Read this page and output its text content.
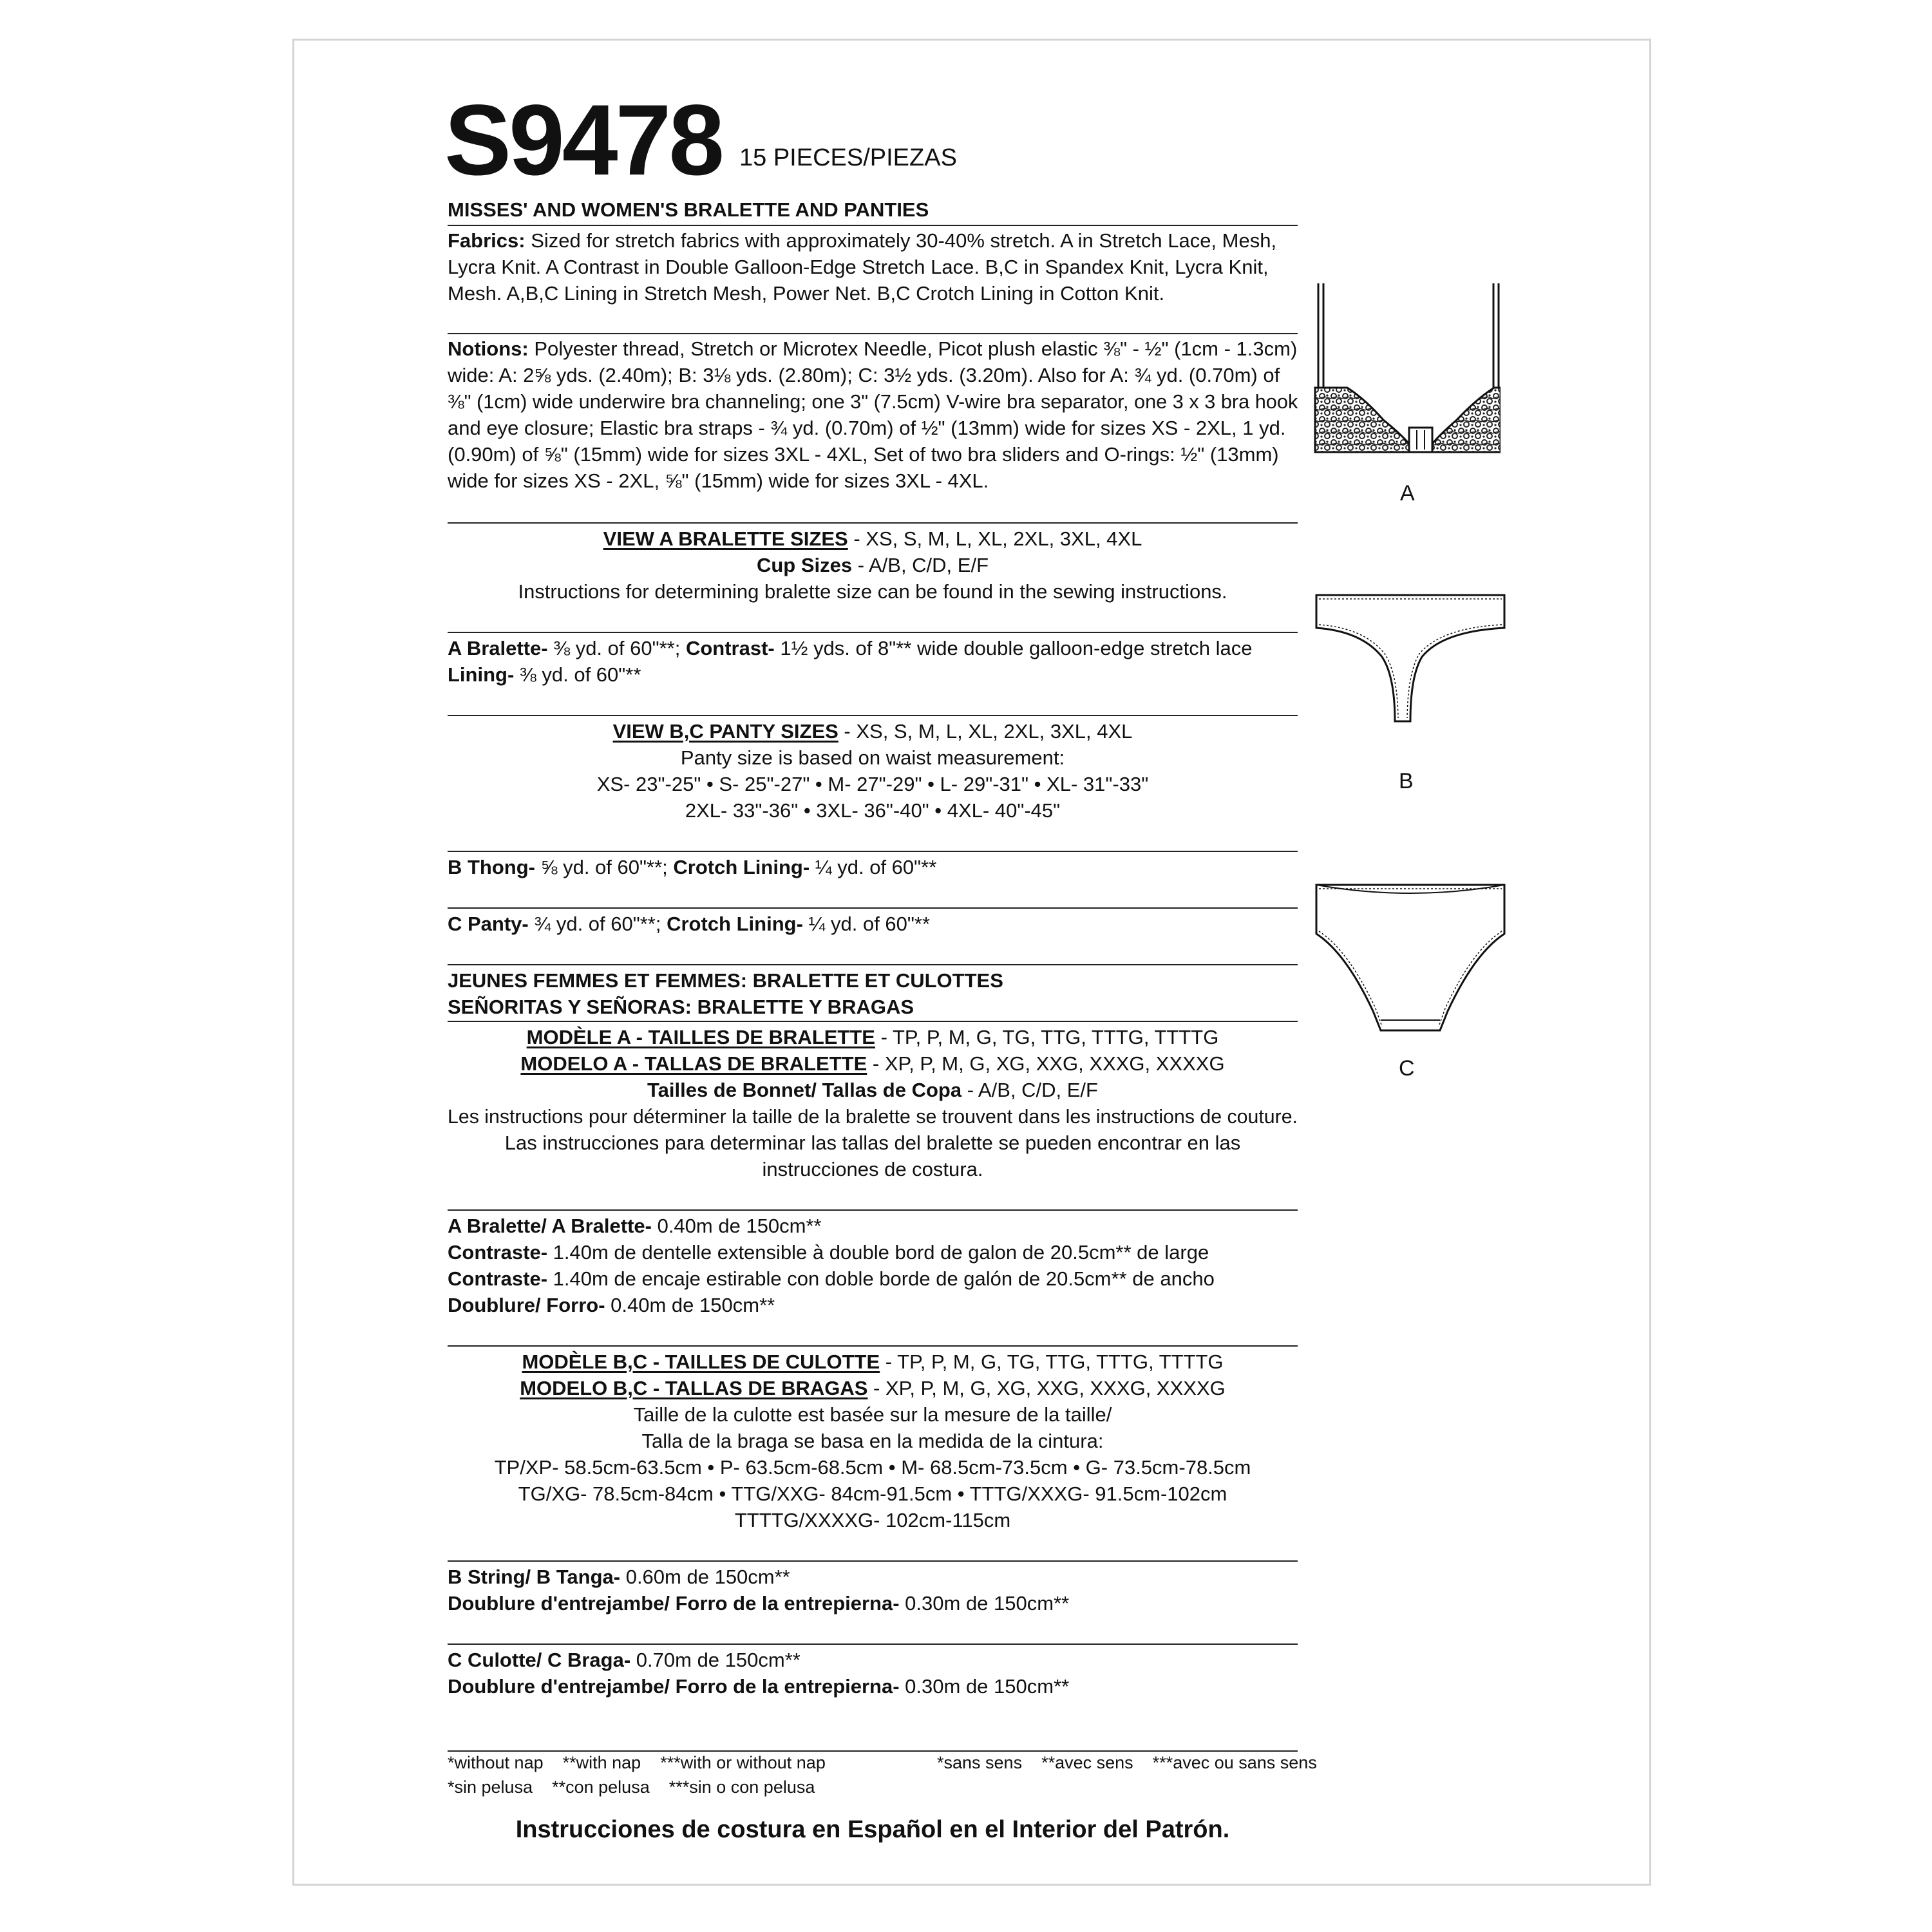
S9478 15 PIECES/PIEZAS
MISSES' AND WOMEN'S BRALETTE AND PANTIES
Fabrics: Sized for stretch fabrics with approximately 30-40% stretch. A in Stretch Lace, Mesh,
Lycra Knit. A Contrast in Double Galloon-Edge Stretch Lace. B,C in Spandex Knit, Lycra Knit,
Mesh. A,B,C Lining in Stretch Mesh, Power Net. B,C Crotch Lining in Cotton Knit.
Notions: Polyester thread, Stretch or Microtex Needle, Picot plush elastic ⅜" - ½" (1cm - 1.3cm)
wide: A: 2⅝ yds. (2.40m); B: 3⅛ yds. (2.80m); C: 3½ yds. (3.20m). Also for A: ¾ yd. (0.70m) of
⅜" (1cm) wide underwire bra channeling; one 3" (7.5cm) V-wire bra separator, one 3 x 3 bra hook
and eye closure; Elastic bra straps - ¾ yd. (0.70m) of ½" (13mm) wide for sizes XS - 2XL, 1 yd.
(0.90m) of ⅝" (15mm) wide for sizes 3XL - 4XL, Set of two bra sliders and O-rings: ½" (13mm)
wide for sizes XS - 2XL, ⅝" (15mm) wide for sizes 3XL - 4XL.
VIEW A BRALETTE SIZES - XS, S, M, L, XL, 2XL, 3XL, 4XL
Cup Sizes - A/B, C/D, E/F
Instructions for determining bralette size can be found in the sewing instructions.
A Bralette- ⅜ yd. of 60"**; Contrast- 1½ yds. of 8"** wide double galloon-edge stretch lace
Lining- ⅜ yd. of 60"**
VIEW B,C PANTY SIZES - XS, S, M, L, XL, 2XL, 3XL, 4XL
Panty size is based on waist measurement:
XS- 23"-25" • S- 25"-27" • M- 27"-29" • L- 29"-31" • XL- 31"-33"
2XL- 33"-36" • 3XL- 36"-40" • 4XL- 40"-45"
B Thong- ⅝ yd. of 60"**; Crotch Lining- ¼ yd. of 60"**
C Panty- ¾ yd. of 60"**; Crotch Lining- ¼ yd. of 60"**
JEUNES FEMMES ET FEMMES: BRALETTE ET CULOTTES
SEÑORITAS Y SEÑORAS: BRALETTE Y BRAGAS
MODÈLE A - TAILLES DE BRALETTE - TP, P, M, G, TG, TTG, TTTG, TTTTG
MODELO A - TALLAS DE BRALETTE - XP, P, M, G, XG, XXG, XXXG, XXXXG
Tailles de Bonnet/ Tallas de Copa - A/B, C/D, E/F
Les instructions pour déterminer la taille de la bralette se trouvent dans les instructions de couture.
Las instrucciones para determinar las tallas del bralette se pueden encontrar en las
instrucciones de costura.
A Bralette/ A Bralette- 0.40m de 150cm**
Contraste- 1.40m de dentelle extensible à double bord de galon de 20.5cm** de large
Contraste- 1.40m de encaje estirable con doble borde de galón de 20.5cm** de ancho
Doublure/ Forro- 0.40m de 150cm**
MODÈLE B,C - TAILLES DE CULOTTE - TP, P, M, G, TG, TTG, TTTG, TTTTG
MODELO B,C - TALLAS DE BRAGAS - XP, P, M, G, XG, XXG, XXXG, XXXXG
Taille de la culotte est basée sur la mesure de la taille/
Talla de la braga se basa en la medida de la cintura:
TP/XP- 58.5cm-63.5cm • P- 63.5cm-68.5cm • M- 68.5cm-73.5cm • G- 73.5cm-78.5cm
TG/XG- 78.5cm-84cm • TTG/XXG- 84cm-91.5cm • TTTG/XXXG- 91.5cm-102cm
TTTTG/XXXXG- 102cm-115cm
B String/ B Tanga- 0.60m de 150cm**
Doublure d'entrejambe/ Forro de la entrepierna- 0.30m de 150cm**
C Culotte/ C Braga- 0.70m de 150cm**
Doublure d'entrejambe/ Forro de la entrepierna- 0.30m de 150cm**
*without nap    **with nap    ***with or without nap	*sans sens    **avec sens    ***avec ou sans sens
*sin pelusa    **con pelusa    ***sin o con pelusa
Instrucciones de costura en Español en el Interior del Patrón.
A
B
C
